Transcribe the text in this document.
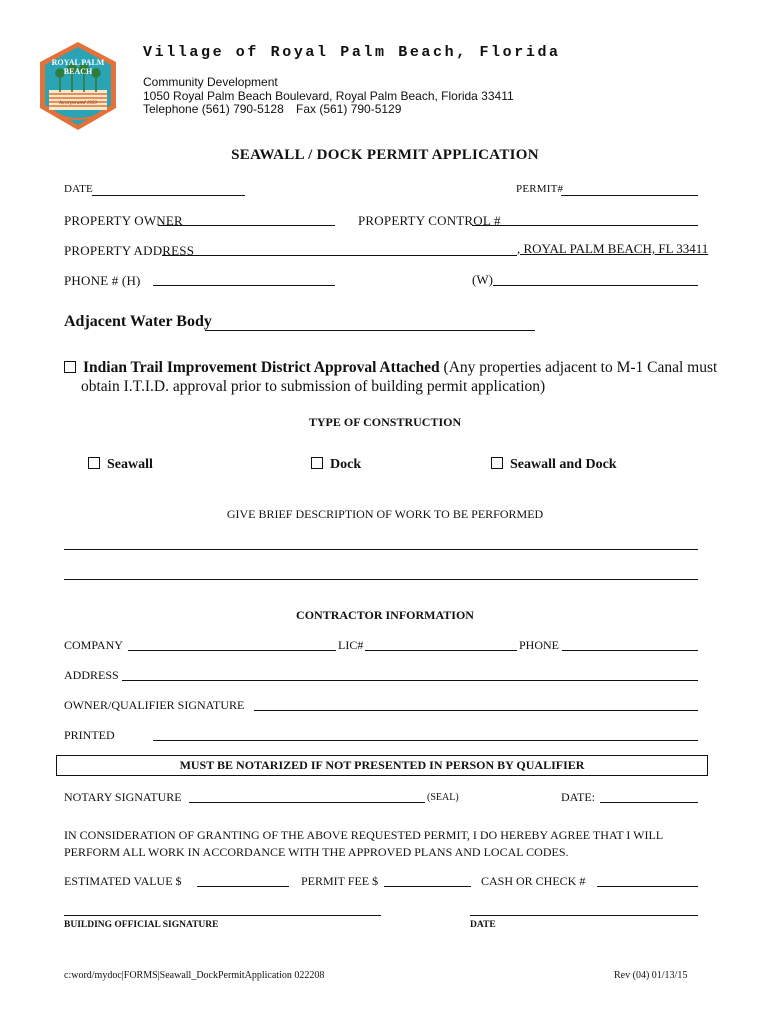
ROYAL PALM BEACH
Incorporated 1959
Village of Royal Palm Beach, Florida
Community Development
1050 Royal Palm Beach Boulevard, Royal Palm Beach, Florida 33411
Telephone (561) 790-5128 Fax (561) 790-5129
SEAWALL / DOCK PERMIT APPLICATION
DATE	PERMIT#
PROPERTY OWNER	PROPERTY CONTROL #
PROPERTY ADDRESS	, ROYAL PALM BEACH, FL 33411
PHONE # (H)	(W)
Adjacent Water Body
Indian Trail Improvement District Approval Attached (Any properties adjacent to M-1 Canal must
obtain I.T.I.D. approval prior to submission of building permit application)
TYPE OF CONSTRUCTION
Seawall	Dock	Seawall and Dock
GIVE BRIEF DESCRIPTION OF WORK TO BE PERFORMED
CONTRACTOR INFORMATION
COMPANY	LIC#	PHONE
ADDRESS
OWNER/QUALIFIER SIGNATURE
PRINTED
MUST BE NOTARIZED IF NOT PRESENTED IN PERSON BY QUALIFIER
NOTARY SIGNATURE	(SEAL)	DATE:
IN CONSIDERATION OF GRANTING OF THE ABOVE REQUESTED PERMIT, I DO HEREBY AGREE THAT I WILL
PERFORM ALL WORK IN ACCORDANCE WITH THE APPROVED PLANS AND LOCAL CODES.
ESTIMATED VALUE $	PERMIT FEE $	CASH OR CHECK #
BUILDING OFFICIAL SIGNATURE	DATE
c:word/mydoc|FORMS|Seawall_DockPermitApplication 022208	Rev (04) 01/13/15
